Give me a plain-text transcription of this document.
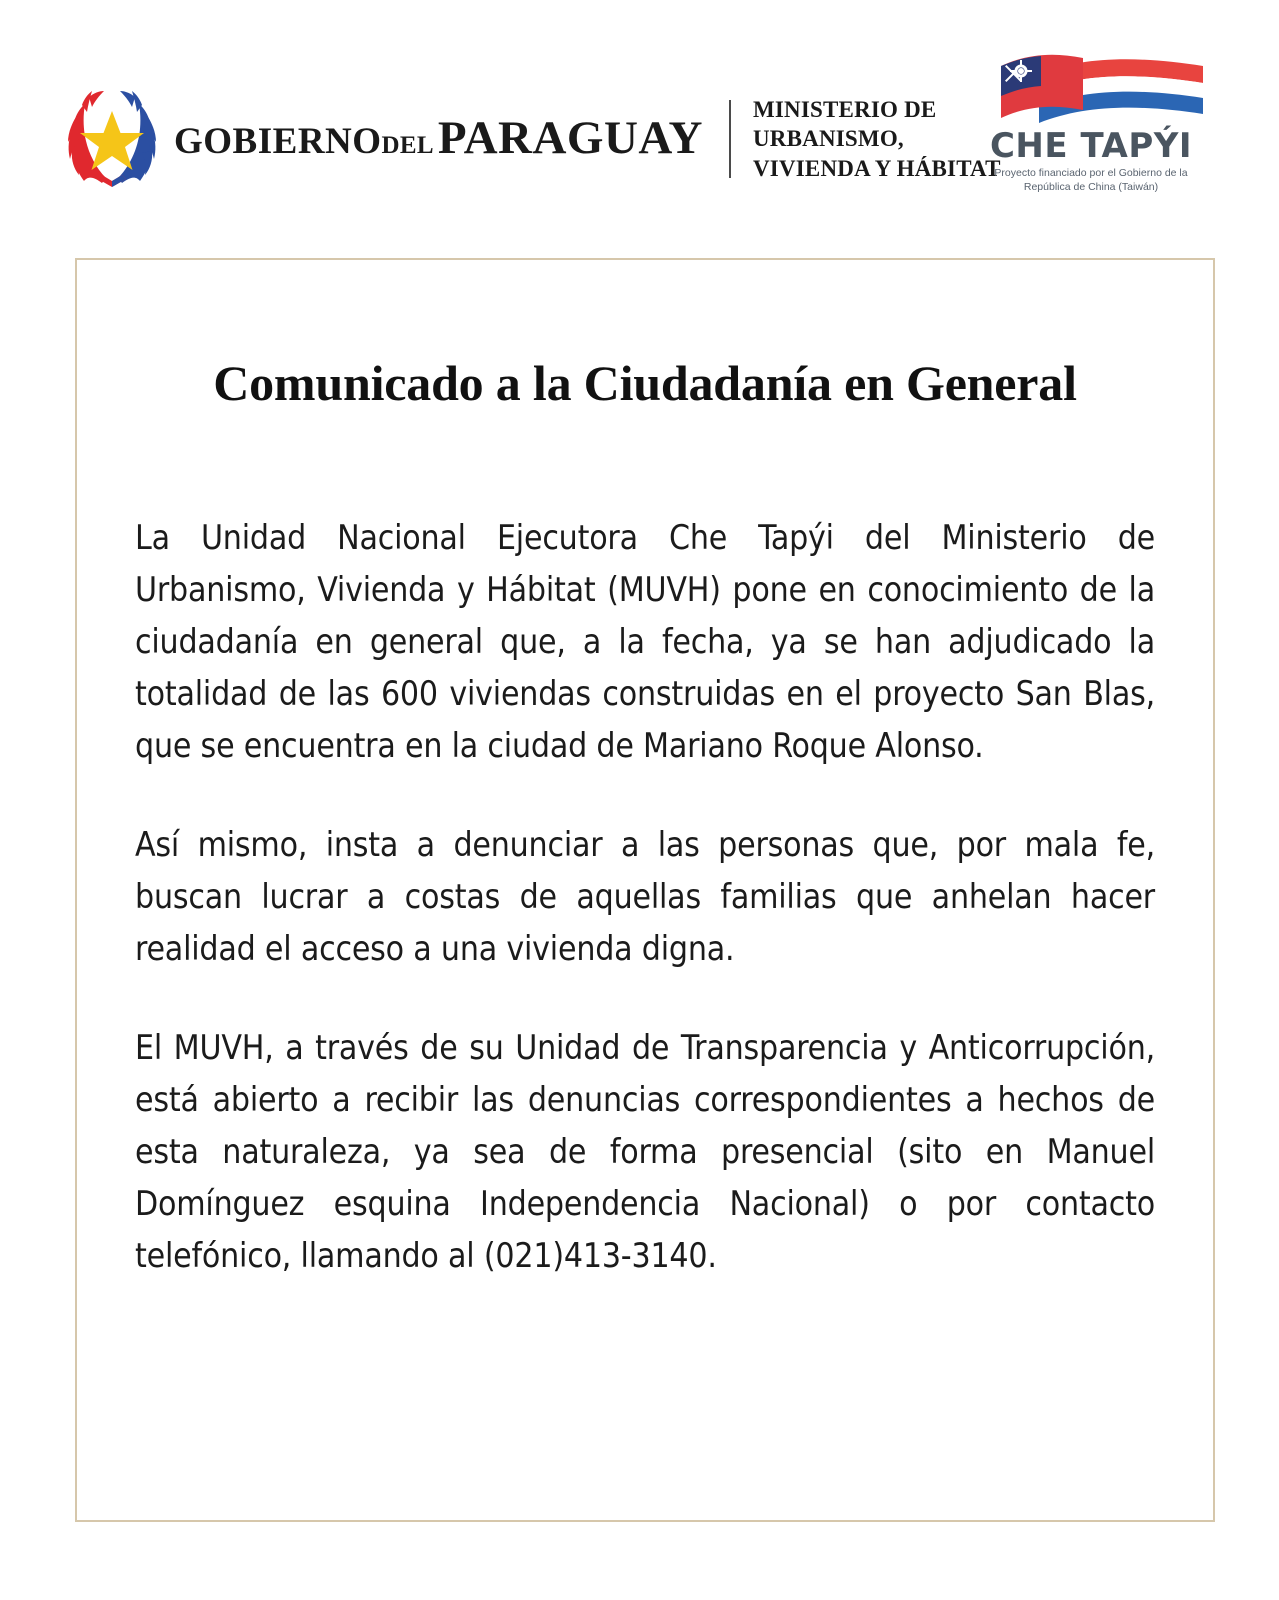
GOBIERNODEL PARAGUAY
MINISTERIO DE
URBANISMO,
VIVIENDA Y HÁBITAT
CHE TAPÝI
Proyecto financiado por el Gobierno de la
República de China (Taiwán)
Comunicado a la Ciudadanía en General

La Unidad Nacional Ejecutora Che Tapýi del Ministerio de Urbanismo, Vivienda y Hábitat (MUVH) pone en conocimiento de la ciudadanía en general que, a la fecha, ya se han adjudicado la totalidad de las 600 viviendas construidas en el proyecto San Blas, que se encuentra en la ciudad de Mariano Roque Alonso.

Así mismo, insta a denunciar a las personas que, por mala fe, buscan lucrar a costas de aquellas familias que anhelan hacer realidad el acceso a una vivienda digna.

El MUVH, a través de su Unidad de Transparencia y Anticorrupción, está abierto a recibir las denuncias correspondientes a hechos de esta naturaleza, ya sea de forma presencial (sito en Manuel Domínguez esquina Independencia Nacional) o por contacto telefónico, llamando al (021)413-3140.
